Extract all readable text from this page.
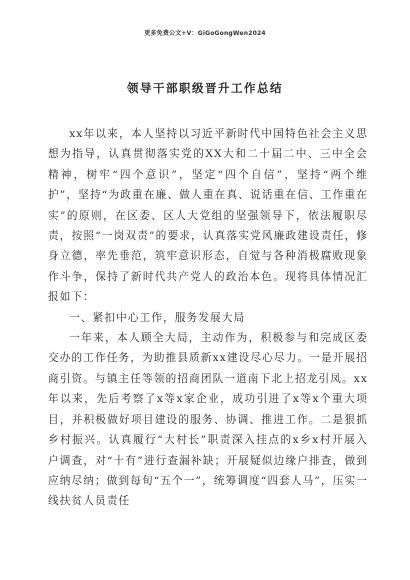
更多免费公文+V：GiGoGongWen2024
领导干部职级晋升工作总结

xx年以来，本人坚持以习近平新时代中国特色社会主义思想为指导，认真贯彻落实党的XX大和二十届二中、三中全会精神，树牢“四个意识”，坚定“四个自信”，坚持“两个维护”，坚持“为政重在廉、做人重在真、说话重在信、工作重在实”的原则，在区委、区人大党组的坚强领导下，依法履职尽责，按照“一岗双责”的要求，认真落实党风廉政建设责任，修身立德，率先垂范，筑牢意识形态，自觉与各种消极腐败现象作斗争，保持了新时代共产党人的政治本色。现将具体情况汇报如下：

一、紧扣中心工作，服务发展大局

一年来，本人顾全大局，主动作为，积极参与和完成区委交办的工作任务，为助推县质新xx建设尽心尽力。一是开展招商引资。与镇主任等领的招商团队一道南下北上招龙引凤。xx年以来，先后考察了x等x家企业，成功引进了x等x个重大项目，并积极做好项目建设的服务、协调、推进工作。二是狠抓乡村振兴。认真履行“大村长”职责深入挂点的x乡x村开展入户调查，对“十有”进行查漏补缺；开展疑似边缘户排查，做到应纳尽纳；做到每旬“五个一”，统筹调度“四套人马”，压实一线扶贫人员责任
